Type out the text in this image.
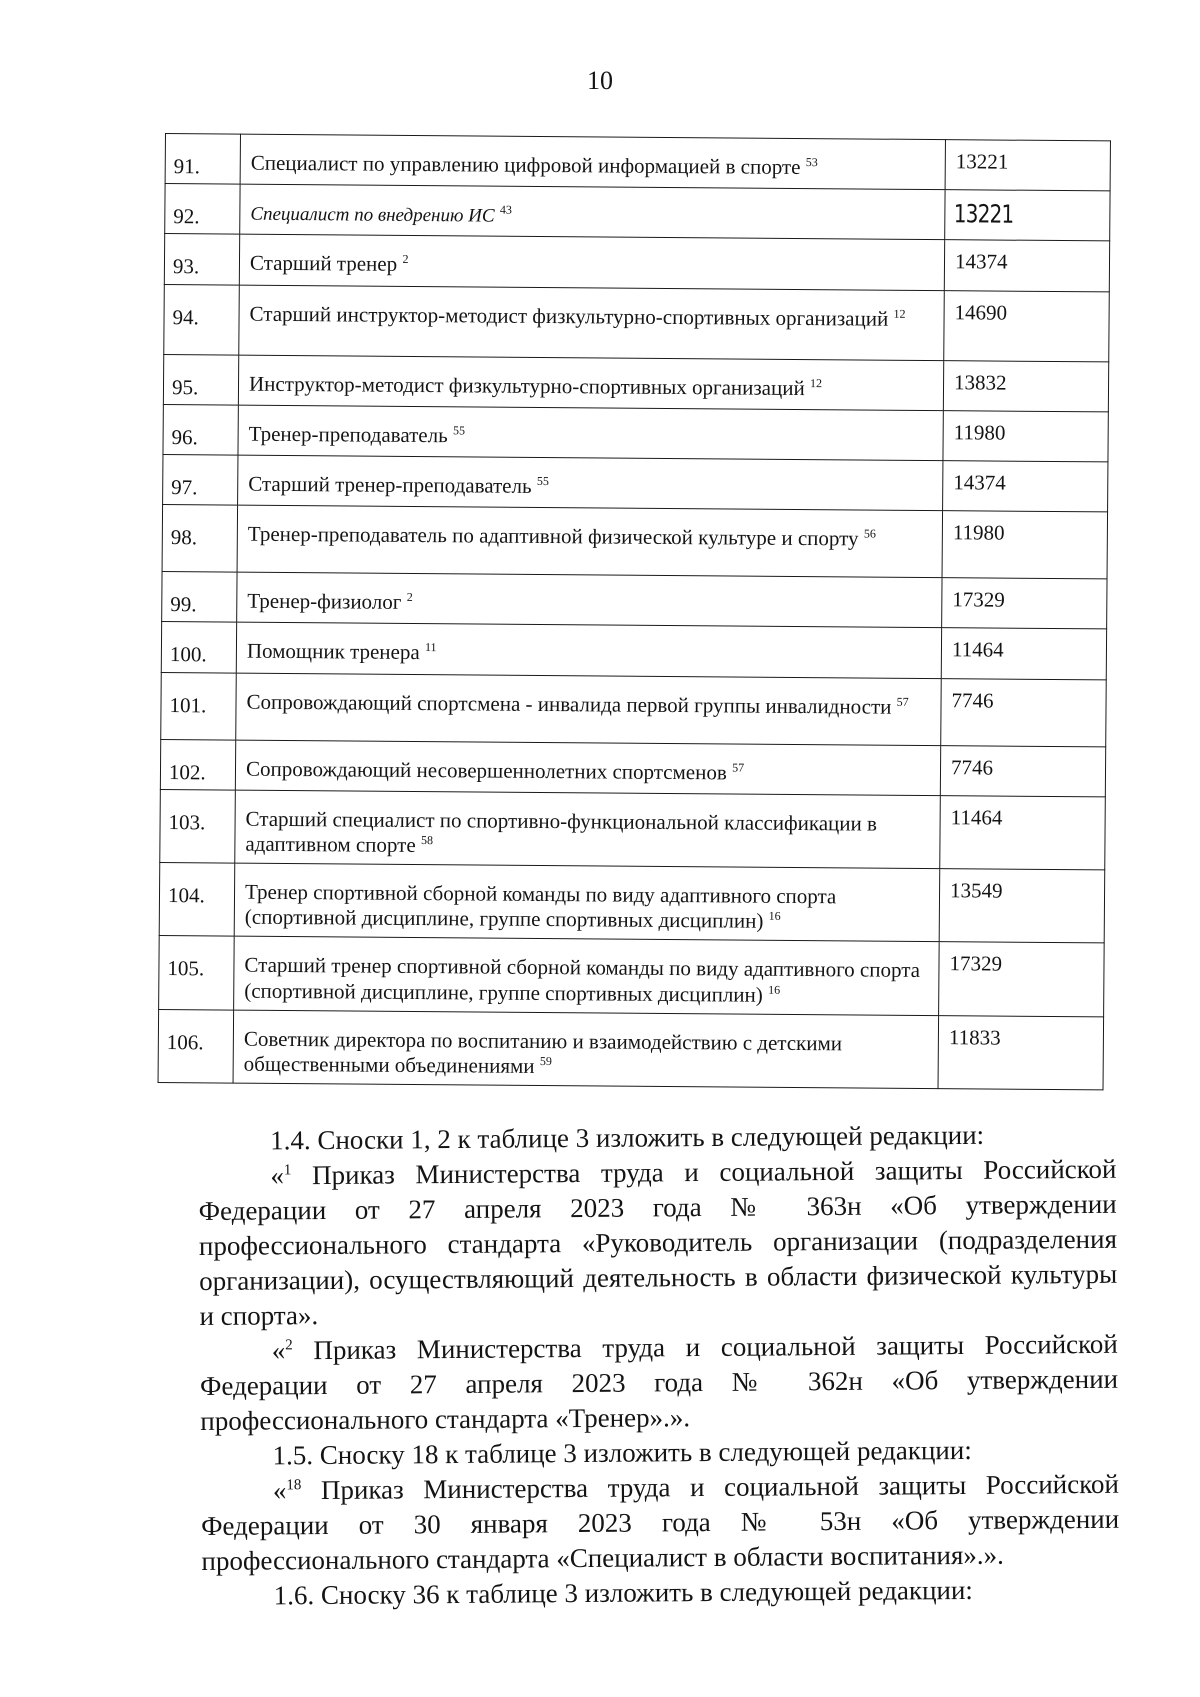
10
91.	Специалист по управлению цифровой информацией в спорте $^{53}$	13221
92.	Специалист по внедрению ИС $^{43}$	13221
93.	Старший тренер $^2$	14374
94.	Старший инструктор-методист физкультурно-спортивных организаций $^{12}$	14690
95.	Инструктор-методист физкультурно-спортивных организаций $^{12}$	13832
96.	Тренер-преподаватель $^{55}$	11980
97.	Старший тренер-преподаватель $^{55}$	14374
98.	Тренер-преподаватель по адаптивной физической культуре и спорту $^{56}$	11980
99.	Тренер-физиолог $^2$	17329
100.	Помощник тренера $^{11}$	11464
101.	Сопровождающий спортсмена - инвалида первой группы инвалидности $^{57}$	7746
102.	Сопровождающий несовершеннолетних спортсменов $^{57}$	7746
103.	Старший специалист по спортивно-функциональной классификации в адаптивном спорте $^{58}$	11464
104.	Тренер спортивной сборной команды по виду адаптивного спорта (спортивной дисциплине, группе спортивных дисциплин) $^{16}$	13549
105.	Старший тренер спортивной сборной команды по виду адаптивного спорта (спортивной дисциплине, группе спортивных дисциплин) $^{16}$	17329
106.	Советник директора по воспитанию и взаимодействию с детскими общественными объединениями $^{59}$	11833

1.4. Сноски 1, 2 к таблице 3 изложить в следующей редакции:

«$^1$ Приказ Министерства труда и социальной защиты Российской Федерации от 27 апреля 2023 года № 363н «Об утверждении профессионального стандарта «Руководитель организации (подразделения организации), осуществляющий деятельность в области физической культуры и спорта».

«$^2$ Приказ Министерства труда и социальной защиты Российской Федерации от 27 апреля 2023 года № 362н «Об утверждении профессионального стандарта «Тренер».».

1.5. Сноску 18 к таблице 3 изложить в следующей редакции:

«$^{18}$ Приказ Министерства труда и социальной защиты Российской Федерации от 30 января 2023 года № 53н «Об утверждении профессионального стандарта «Специалист в области воспитания».».

1.6. Сноску 36 к таблице 3 изложить в следующей редакции:
